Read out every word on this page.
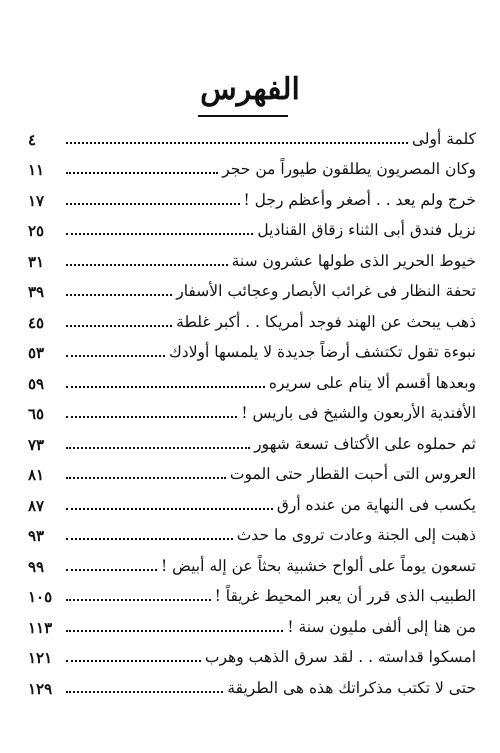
الفهرس
كلمة أولى
٤
وكان المصريون يطلقون طيوراً من حجر
١١
خرج ولم يعد . . أصغر وأعظم رجل !
١٧
نزيل فندق أبى الثناء زقاق القناديل
٢٥
خيوط الحرير الذى طولها عشرون سنة
٣١
تحفة النظار فى غرائب الأبصار وعجائب الأسفار
٣٩
ذهب يبحث عن الهند فوجد أمريكا . . أكبر غلطة
٤٥
نبوءة تقول تكتشف أرضاً جديدة لا يلمسها أولادك
٥٣
وبعدها أقسم ألا ينام على سريره
٥٩
الأفندية الأربعون والشيخ فى باريس !
٦٥
ثم حملوه على الأكتاف تسعة شهور
٧٣
العروس التى أحبت القطار حتى الموت
٨١
يكسب فى النهاية من عنده أرق
٨٧
ذهبت إلى الجنة وعادت تروى ما حدث
٩٣
تسعون يوماً على ألواح خشبية بحثاً عن إله أبيض !
٩٩
الطبيب الذى قرر أن يعبر المحيط غريقاً !
١٠٥
من هنا إلى ألفى مليون سنة !
١١٣
امسكوا قداسته . . لقد سرق الذهب وهرب
١٢١
حتى لا تكتب مذكراتك هذه هى الطريقة
١٢٩
